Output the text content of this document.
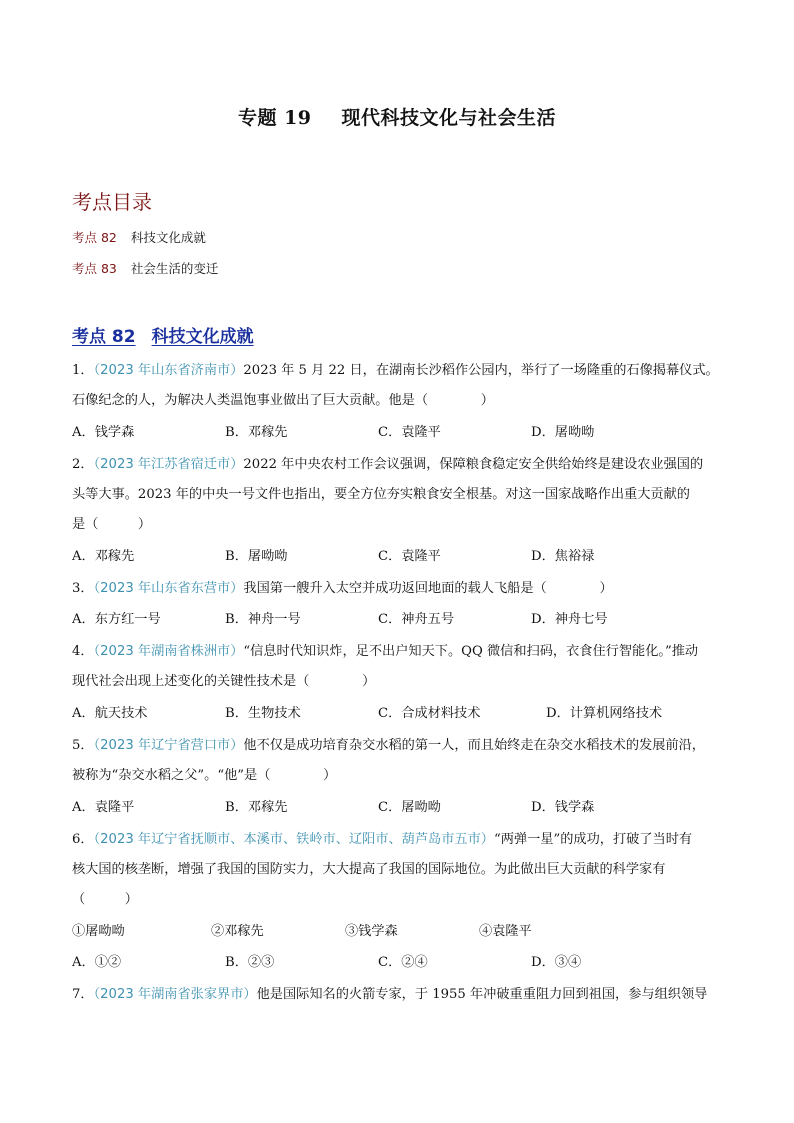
专题 19 现代科技文化与社会生活
考点目录
考点 82 科技文化成就
考点 83 社会生活的变迁
考点 82 科技文化成就
1．（2023 年山东省济南市）2023 年 5 月 22 日，在湖南长沙稻作公园内，举行了一场隆重的石像揭幕仪式。
石像纪念的人，为解决人类温饱事业做出了巨大贡献。他是（　　　　）
A．钱学森	B．邓稼先	C．袁隆平	D．屠呦呦
2．（2023 年江苏省宿迁市）2022 年中央农村工作会议强调，保障粮食稳定安全供给始终是建设农业强国的
头等大事。2023 年的中央一号文件也指出，要全方位夯实粮食安全根基。对这一国家战略作出重大贡献的
是（　　　）
A．邓稼先	B．屠呦呦	C．袁隆平	D．焦裕禄
3．（2023 年山东省东营市）我国第一艘升入太空并成功返回地面的载人飞船是（　　　　）
A．东方红一号	B．神舟一号	C．神舟五号	D．神舟七号
4．（2023 年湖南省株洲市）“信息时代知识炸，足不出户知天下。QQ 微信和扫码，衣食住行智能化。”推动
现代社会出现上述变化的关键性技术是（　　　　）
A．航天技术	B．生物技术	C．合成材料技术	D．计算机网络技术
5．（2023 年辽宁省营口市）他不仅是成功培育杂交水稻的第一人，而且始终走在杂交水稻技术的发展前沿，
被称为“杂交水稻之父”。“他”是（　　　　）
A．袁隆平	B．邓稼先	C．屠呦呦	D．钱学森
6．（2023 年辽宁省抚顺市、本溪市、铁岭市、辽阳市、葫芦岛市五市）“两弹一星”的成功，打破了当时有
核大国的核垄断，增强了我国的国防实力，大大提高了我国的国际地位。为此做出巨大贡献的科学家有
（　　　）
①屠呦呦	②邓稼先	③钱学森	④袁隆平
A．①②	B．②③	C．②④	D．③④
7．（2023 年湖南省张家界市）他是国际知名的火箭专家，于 1955 年冲破重重阻力回到祖国，参与组织领导
